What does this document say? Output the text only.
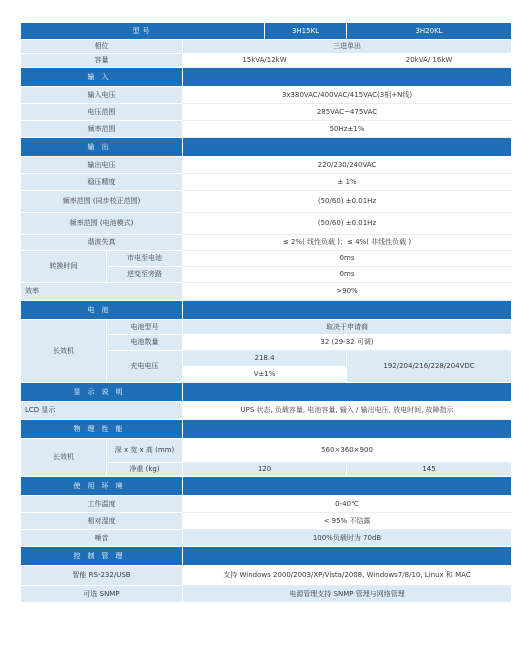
型号			3H15KL	3H20KL
相位		三进单出		
容量		15kVA/12kW		20kVA/ 16kW
输入				
输入电压		3x380VAC/400VAC/415VAC(3相+N线)		
电压范围		285VAC~475VAC		
频率范围		50Hz±1%		
输出				
输出电压		220/230/240VAC		
稳压精度		± 1%		
频率范围 (同步校正范围)		(50/60) ±0.01Hz		
频率范围 (电池模式)		(50/60) ±0.01Hz		
谐波失真		≤ 2%( 线性负载 )；≤ 4%( 非线性负载 )		
转换时间	市电至电池	0ms		
	逆变至旁路	0ms		
效率		>90%		
电池				
长效机	电池型号	取决于申请商		
	电池数量	32 (29-32 可调)		
	充电电压	218.4		192/204/216/228/204VDC
		V±1%		
显示说明				
LCD 显示		UPS 状态, 负载容量, 电池容量, 输入 / 输出电压, 放电时间, 故障指示		
物理性能				
长效机	深 x 宽 x 高 (mm)	560×360×900		
	净重 (kg)	120		145
使用环境				
工作温度		0-40℃		
相对湿度		< 95% 不结露		
噪音		100%负载时为 70dB		
控制管理				
智能 RS-232/USB		支持 Windows 2000/2003/XP/Vista/2008, Windows7/8/10, Linux 和 MAC		
可选 SNMP		电源管理支持 SNMP 管理与网络管理		
